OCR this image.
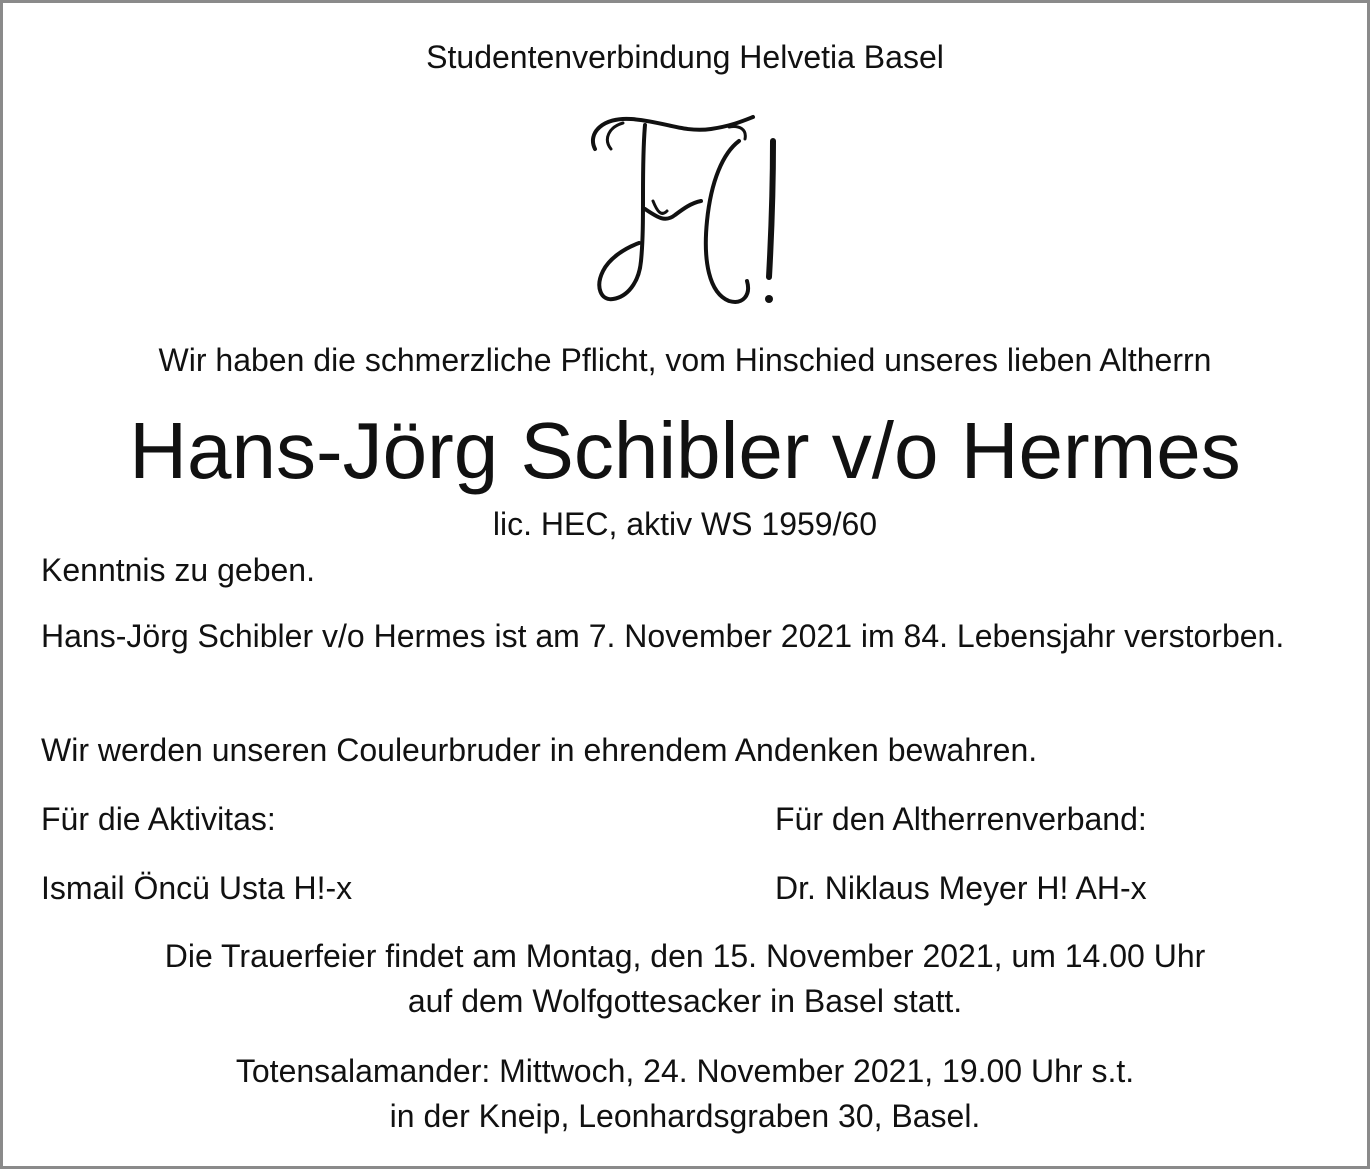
Studentenverbindung Helvetia Basel
Wir haben die schmerzliche Pflicht, vom Hinschied unseres lieben Altherrn
Hans-Jörg Schibler v/o Hermes
lic. HEC, aktiv WS 1959/60
Kenntnis zu geben.
Hans-Jörg Schibler v/o Hermes ist am 7. November 2021 im 84. Lebensjahr verstorben.
Wir werden unseren Couleurbruder in ehrendem Andenken bewahren.
Für die Aktivitas:	Für den Altherrenverband:
Ismail Öncü Usta H!-x	Dr. Niklaus Meyer H! AH-x
Die Trauerfeier findet am Montag, den 15. November 2021, um 14.00 Uhr
auf dem Wolfgottesacker in Basel statt.
Totensalamander: Mittwoch, 24. November 2021, 19.00 Uhr s.t.
in der Kneip, Leonhardsgraben 30, Basel.
